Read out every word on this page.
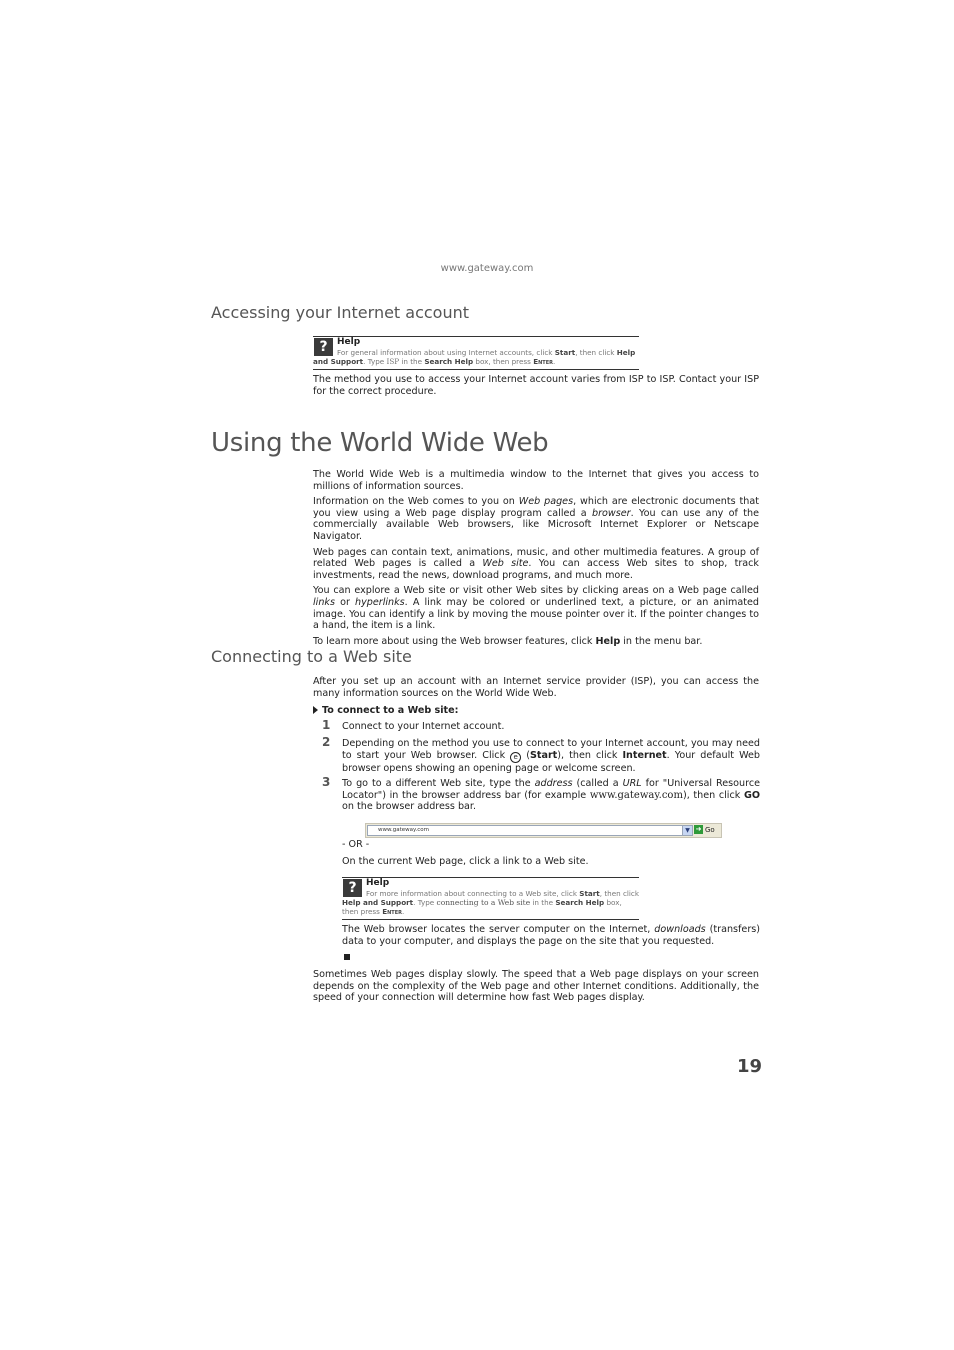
www.gateway.com
Accessing your Internet account
?	Help
For general information about using Internet accounts, click Start, then click Help and Support. Type ISP in the Search Help box, then press Enter.
The method you use to access your Internet account varies from ISP to ISP. Contact your ISP for the correct procedure.
Using the World Wide Web

The World Wide Web is a multimedia window to the Internet that gives you access to millions of information sources.

Information on the Web comes to you on Web pages, which are electronic documents that you view using a Web page display program called a browser. You can use any of the commercially available Web browsers, like Microsoft Internet Explorer or Netscape Navigator.

Web pages can contain text, animations, music, and other multimedia features. A group of related Web pages is called a Web site. You can access Web sites to shop, track investments, read the news, download programs, and much more.

You can explore a Web site or visit other Web sites by clicking areas on a Web page called links or hyperlinks. A link may be colored or underlined text, a picture, or an animated image. You can identify a link by moving the mouse pointer over it. If the pointer changes to a hand, the item is a link.

To learn more about using the Web browser features, click Help in the menu bar.

Connecting to a Web site
After you set up an account with an Internet service provider (ISP), you can access the many information sources on the World Wide Web.
To connect to a Web site:
1 Connect to your Internet account.
2 Depending on the method you use to connect to your Internet account, you may need to start your Web browser. Click e (Start), then click Internet. Your default Web browser opens showing an opening page or welcome screen.
3 To go to a different Web site, type the address (called a URL for "Universal Resource Locator") in the browser address bar (for example www.gateway.com), then click GO on the browser address bar.
www.gateway.com	▼ ➜ Go
- OR -
On the current Web page, click a link to a Web site.
?	Help
For more information about connecting to a Web site, click Start, then click Help and Support. Type connecting to a Web site in the Search Help box, then press Enter.
The Web browser locates the server computer on the Internet, downloads (transfers) data to your computer, and displays the page on the site that you requested.
Sometimes Web pages display slowly. The speed that a Web page displays on your screen depends on the complexity of the Web page and other Internet conditions. Additionally, the speed of your connection will determine how fast Web pages display.
19
